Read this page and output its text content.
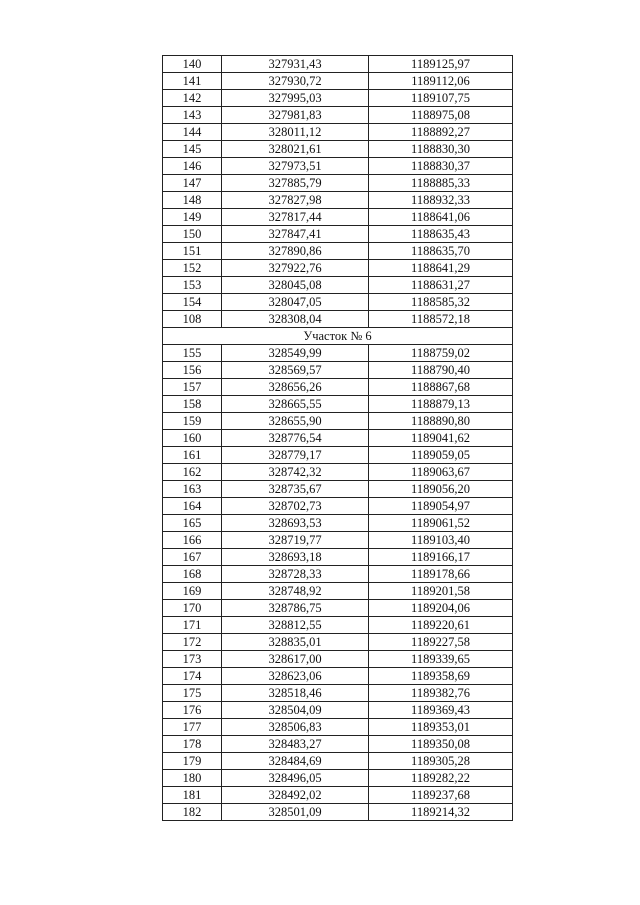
140	327931,43	1189125,97
141	327930,72	1189112,06
142	327995,03	1189107,75
143	327981,83	1188975,08
144	328011,12	1188892,27
145	328021,61	1188830,30
146	327973,51	1188830,37
147	327885,79	1188885,33
148	327827,98	1188932,33
149	327817,44	1188641,06
150	327847,41	1188635,43
151	327890,86	1188635,70
152	327922,76	1188641,29
153	328045,08	1188631,27
154	328047,05	1188585,32
108	328308,04	1188572,18
Участок № 6		
155	328549,99	1188759,02
156	328569,57	1188790,40
157	328656,26	1188867,68
158	328665,55	1188879,13
159	328655,90	1188890,80
160	328776,54	1189041,62
161	328779,17	1189059,05
162	328742,32	1189063,67
163	328735,67	1189056,20
164	328702,73	1189054,97
165	328693,53	1189061,52
166	328719,77	1189103,40
167	328693,18	1189166,17
168	328728,33	1189178,66
169	328748,92	1189201,58
170	328786,75	1189204,06
171	328812,55	1189220,61
172	328835,01	1189227,58
173	328617,00	1189339,65
174	328623,06	1189358,69
175	328518,46	1189382,76
176	328504,09	1189369,43
177	328506,83	1189353,01
178	328483,27	1189350,08
179	328484,69	1189305,28
180	328496,05	1189282,22
181	328492,02	1189237,68
182	328501,09	1189214,32
